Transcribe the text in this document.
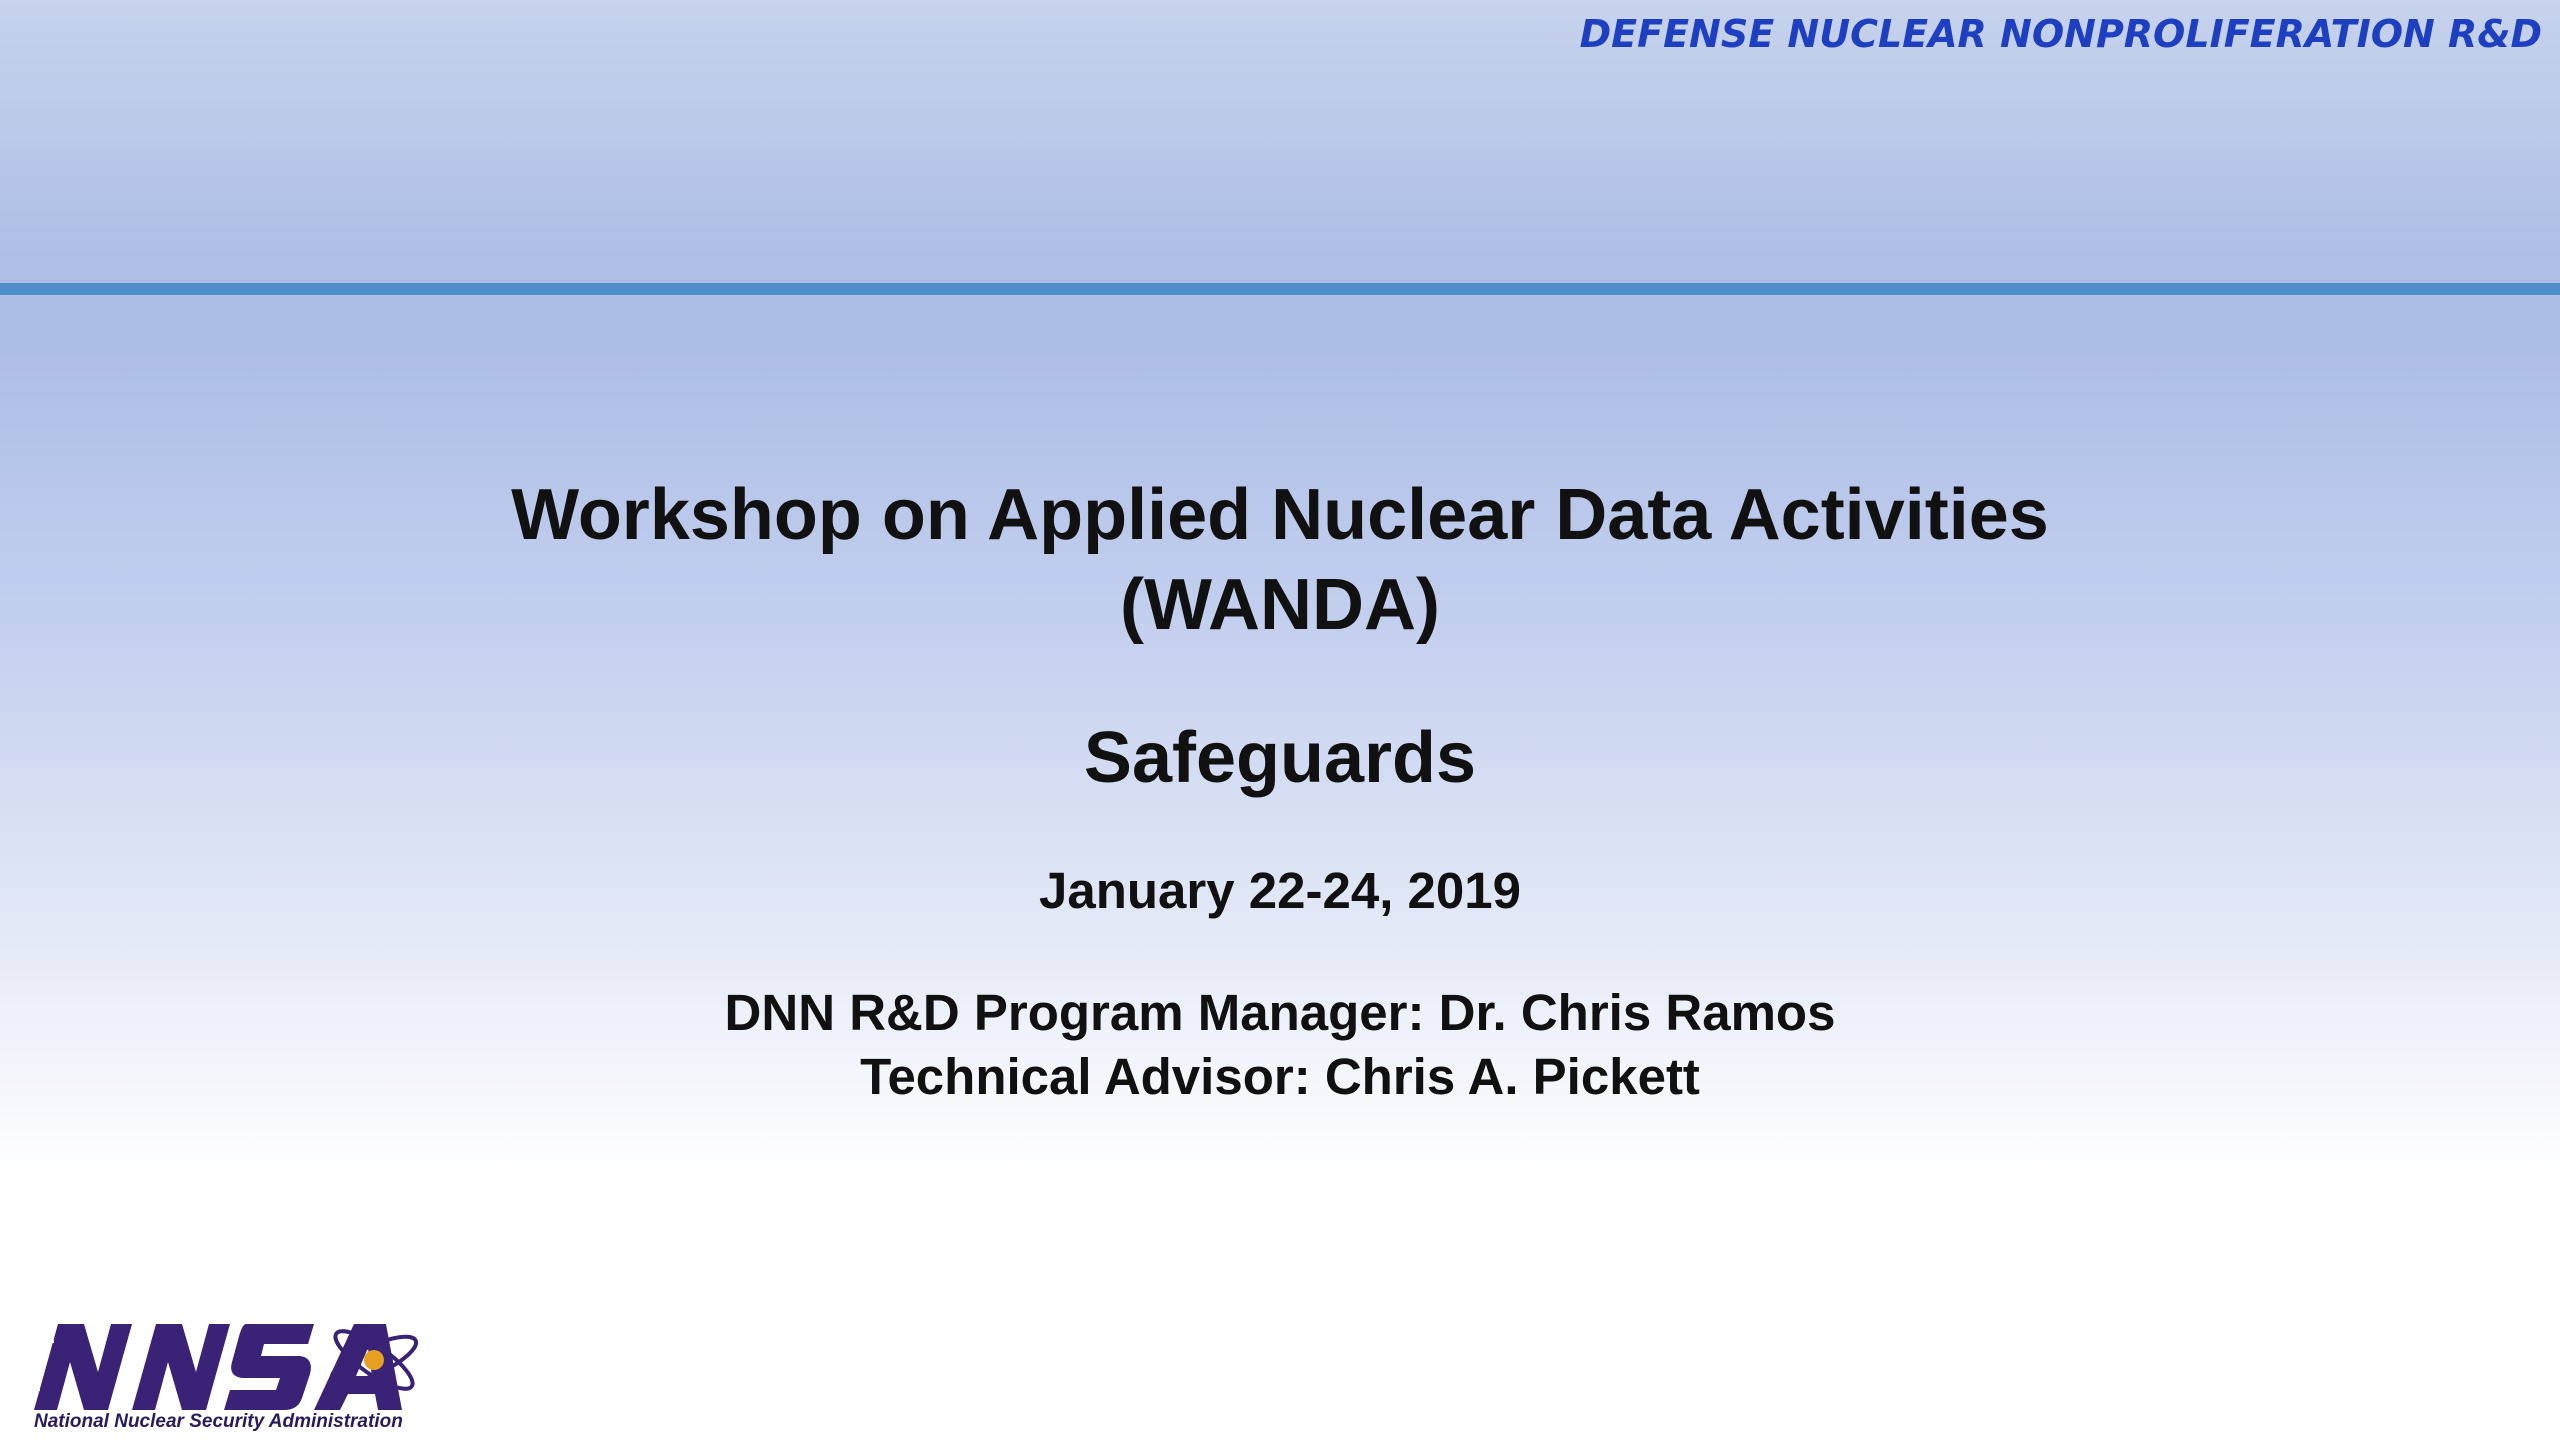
DEFENSE NUCLEAR NONPROLIFERATION R&D
Workshop on Applied Nuclear Data Activities
(WANDA)
Safeguards
January 22-24, 2019
DNN R&D Program Manager: Dr. Chris Ramos
Technical Advisor: Chris A. Pickett
National Nuclear Security Administration
